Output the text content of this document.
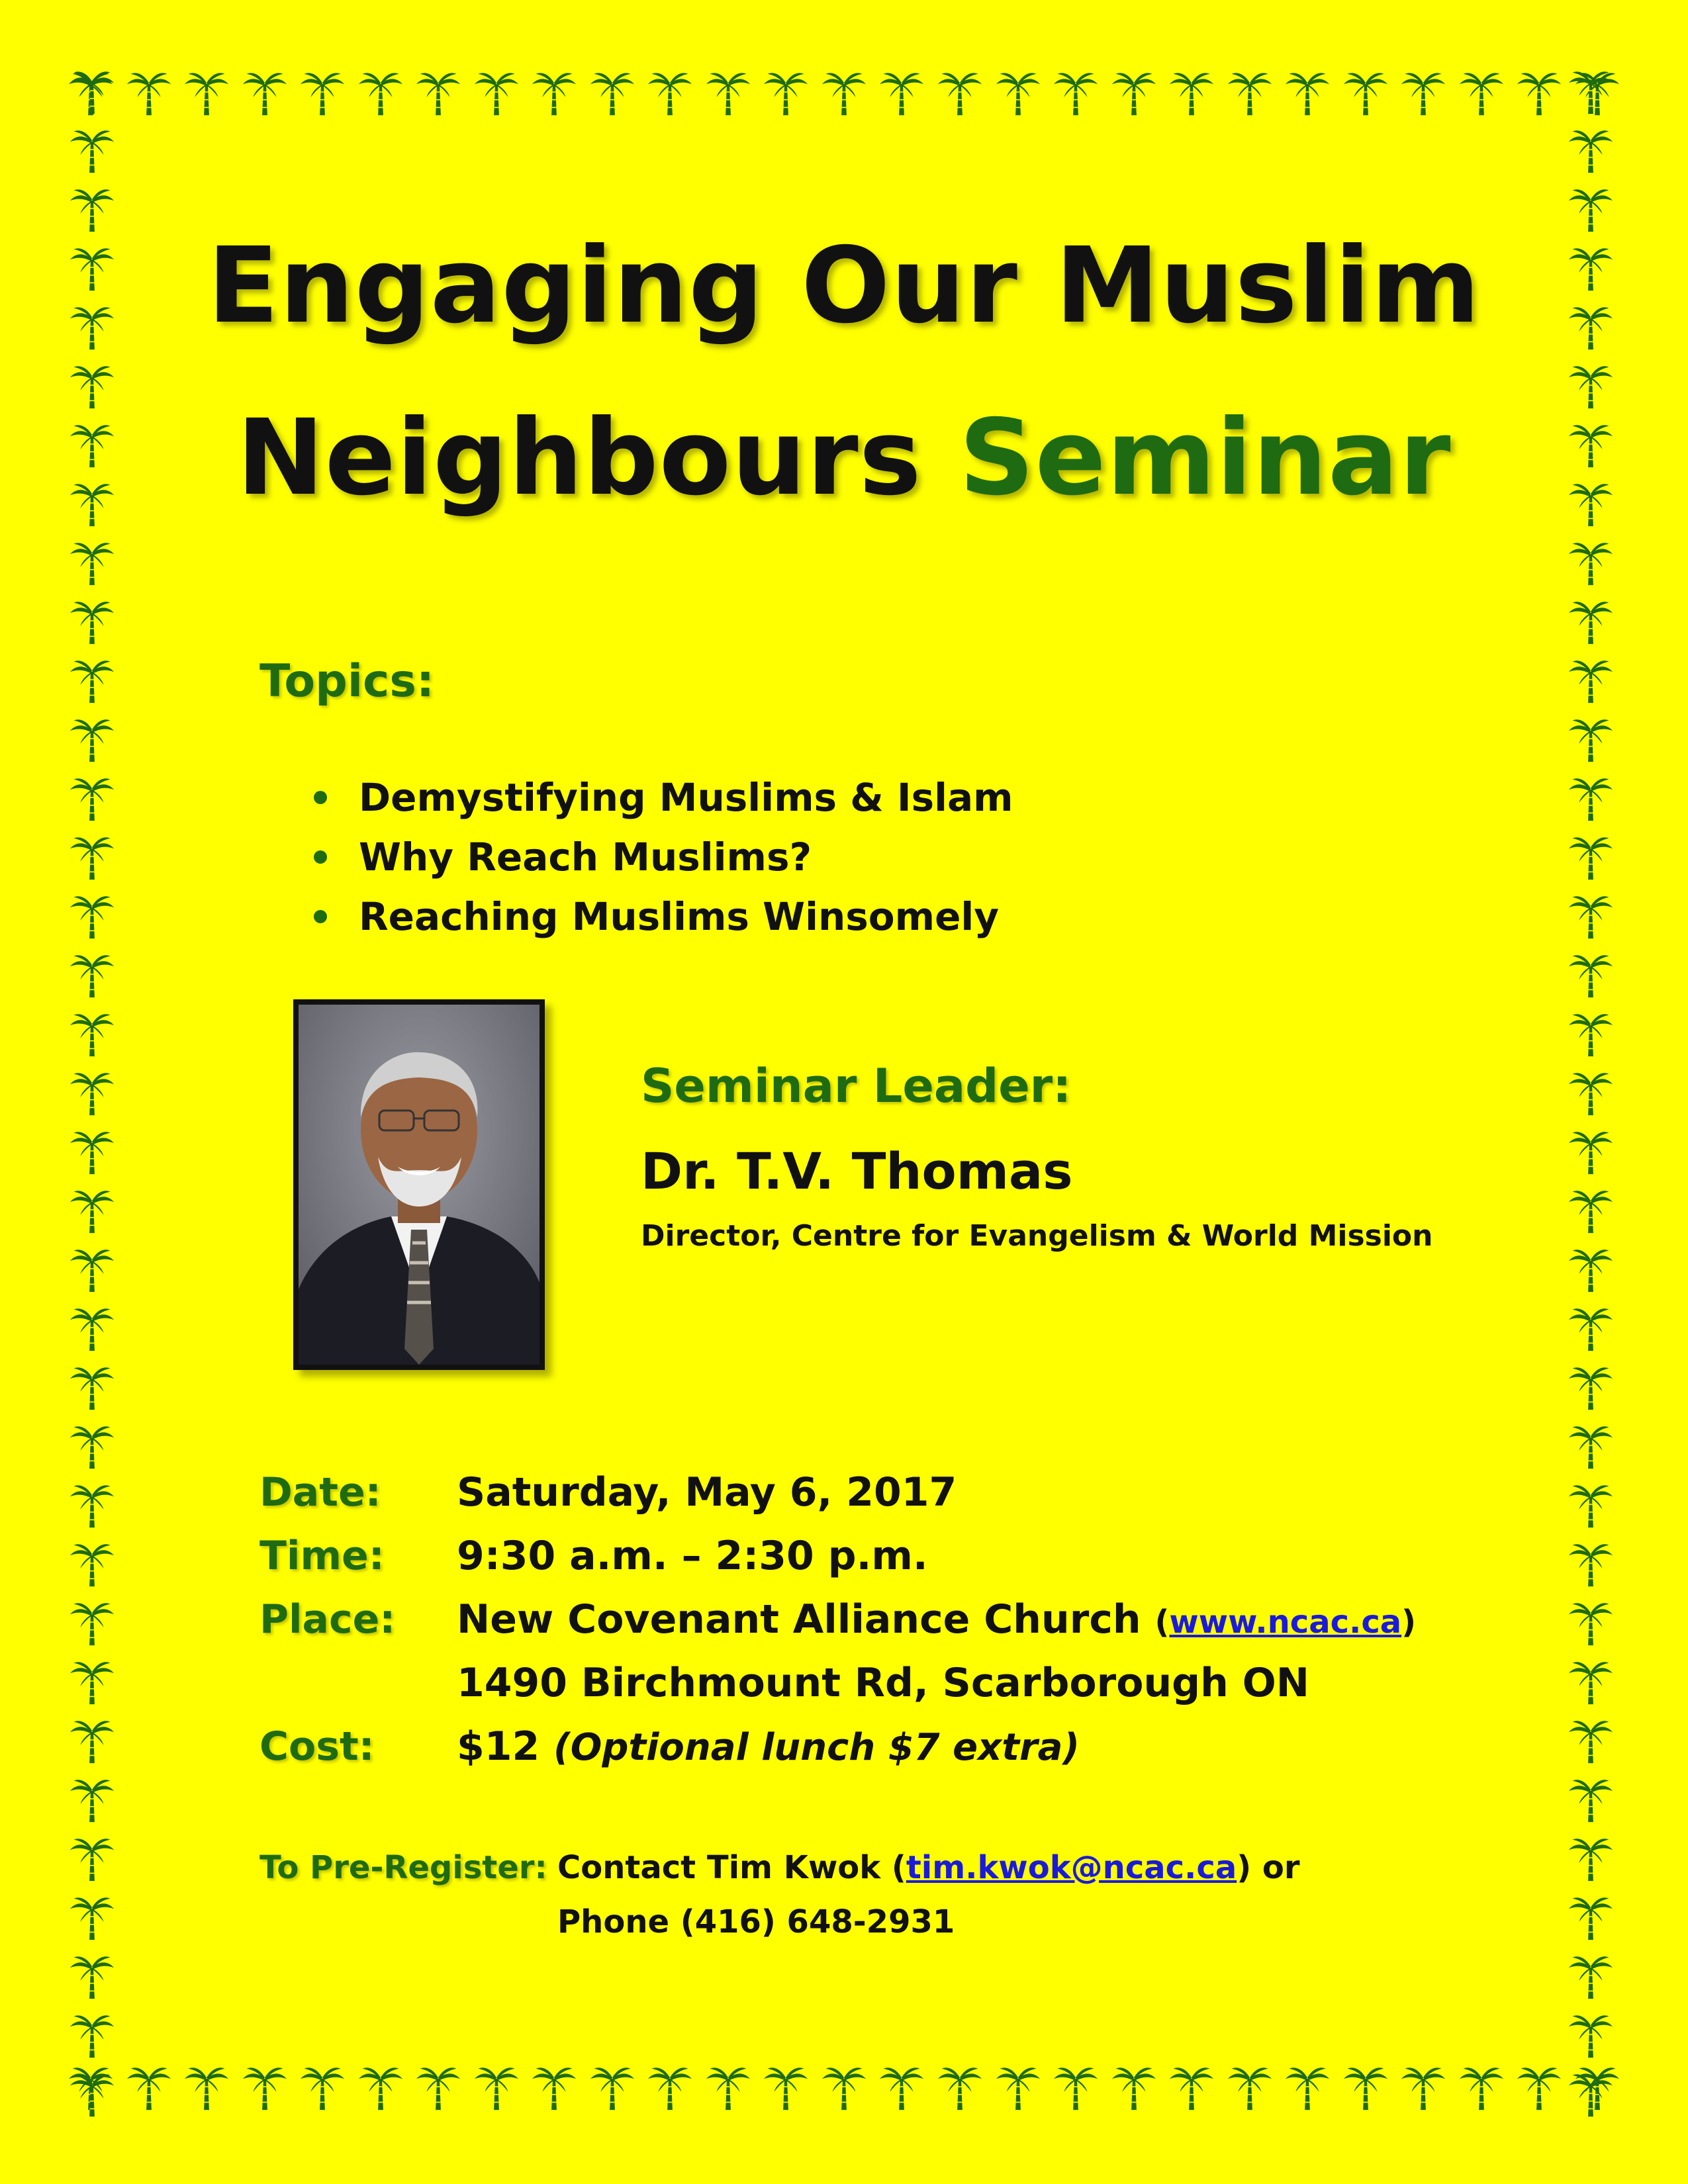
Engaging Our Muslim
Neighbours Seminar
Topics:
Demystifying Muslims & Islam
Why Reach Muslims?
Reaching Muslims Winsomely
Seminar Leader:
Dr. T.V. Thomas
Director, Centre for Evangelism & World Mission
Date: Saturday, May 6, 2017
Time: 9:30 a.m. – 2:30 p.m.
Place: New Covenant Alliance Church (www.ncac.ca)
1490 Birchmount Rd, Scarborough ON
Cost: $12 (Optional lunch $7 extra)
To Pre-Register: Contact Tim Kwok (tim.kwok@ncac.ca) or
Phone (416) 648-2931
